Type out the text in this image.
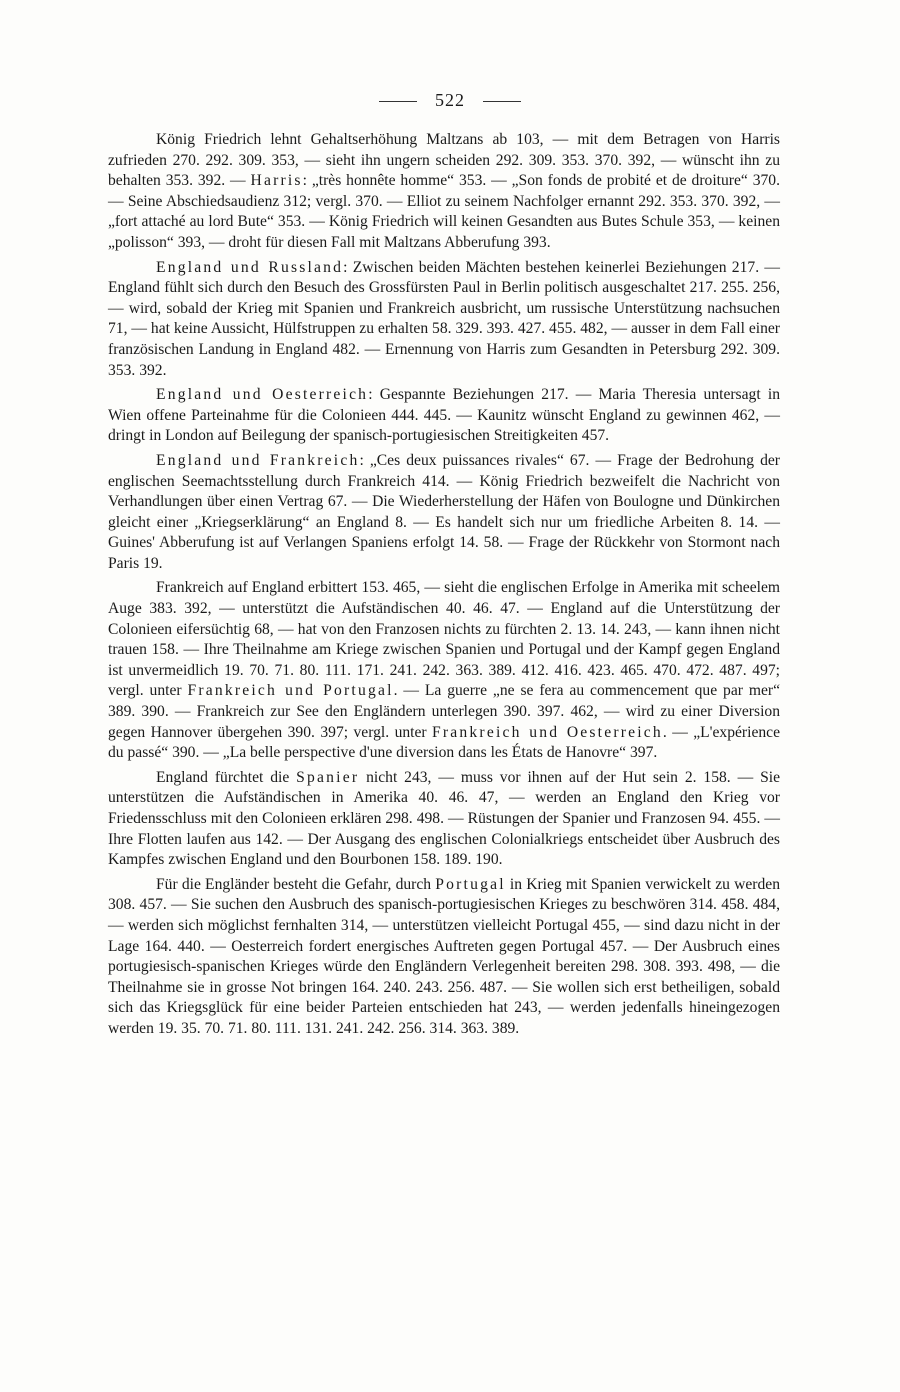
522

König Friedrich lehnt Gehaltserhöhung Maltzans ab 103, — mit dem Betragen von Harris zufrieden 270. 292. 309. 353, — sieht ihn ungern scheiden 292. 309. 353. 370. 392, — wünscht ihn zu behalten 353. 392. — Harris: „très honnête homme“ 353. — „Son fonds de probité et de droiture“ 370. — Seine Abschiedsaudienz 312; vergl. 370. — Elliot zu seinem Nachfolger ernannt 292. 353. 370. 392, — „fort attaché au lord Bute“ 353. — König Friedrich will keinen Gesandten aus Butes Schule 353, — keinen „polisson“ 393, — droht für diesen Fall mit Maltzans Abberufung 393.

England und Russland: Zwischen beiden Mächten bestehen keinerlei Beziehungen 217. — England fühlt sich durch den Besuch des Grossfürsten Paul in Berlin politisch ausgeschaltet 217. 255. 256, — wird, sobald der Krieg mit Spanien und Frankreich ausbricht, um russische Unterstützung nachsuchen 71, — hat keine Aussicht, Hülfstruppen zu erhalten 58. 329. 393. 427. 455. 482, — ausser in dem Fall einer französischen Landung in England 482. — Ernennung von Harris zum Gesandten in Petersburg 292. 309. 353. 392.

England und Oesterreich: Gespannte Beziehungen 217. — Maria Theresia untersagt in Wien offene Parteinahme für die Colonieen 444. 445. — Kaunitz wünscht England zu gewinnen 462, — dringt in London auf Beilegung der spanisch-portugiesischen Streitigkeiten 457.

England und Frankreich: „Ces deux puissances rivales“ 67. — Frage der Bedrohung der englischen Seemachtsstellung durch Frankreich 414. — König Friedrich bezweifelt die Nachricht von Verhandlungen über einen Vertrag 67. — Die Wiederherstellung der Häfen von Boulogne und Dünkirchen gleicht einer „Kriegserklärung“ an England 8. — Es handelt sich nur um friedliche Arbeiten 8. 14. — Guines' Abberufung ist auf Verlangen Spaniens erfolgt 14. 58. — Frage der Rückkehr von Stormont nach Paris 19.

Frankreich auf England erbittert 153. 465, — sieht die englischen Erfolge in Amerika mit scheelem Auge 383. 392, — unterstützt die Aufständischen 40. 46. 47. — England auf die Unterstützung der Colonieen eifersüchtig 68, — hat von den Franzosen nichts zu fürchten 2. 13. 14. 243, — kann ihnen nicht trauen 158. — Ihre Theilnahme am Kriege zwischen Spanien und Portugal und der Kampf gegen England ist unvermeidlich 19. 70. 71. 80. 111. 171. 241. 242. 363. 389. 412. 416. 423. 465. 470. 472. 487. 497; vergl. unter Frankreich und Portugal. — La guerre „ne se fera au commencement que par mer“ 389. 390. — Frankreich zur See den Engländern unterlegen 390. 397. 462, — wird zu einer Diversion gegen Hannover übergehen 390. 397; vergl. unter Frankreich und Oesterreich. — „L'expérience du passé“ 390. — „La belle perspective d'une diversion dans les États de Hanovre“ 397.

England fürchtet die Spanier nicht 243, — muss vor ihnen auf der Hut sein 2. 158. — Sie unterstützen die Aufständischen in Amerika 40. 46. 47, — werden an England den Krieg vor Friedensschluss mit den Colonieen erklären 298. 498. — Rüstungen der Spanier und Franzosen 94. 455. — Ihre Flotten laufen aus 142. — Der Ausgang des englischen Colonialkriegs entscheidet über Ausbruch des Kampfes zwischen England und den Bourbonen 158. 189. 190.

Für die Engländer besteht die Gefahr, durch Portugal in Krieg mit Spanien verwickelt zu werden 308. 457. — Sie suchen den Ausbruch des spanisch-portugiesischen Krieges zu beschwören 314. 458. 484, — werden sich möglichst fernhalten 314, — unterstützen vielleicht Portugal 455, — sind dazu nicht in der Lage 164. 440. — Oesterreich fordert energisches Auftreten gegen Portugal 457. — Der Ausbruch eines portugiesisch-spanischen Krieges würde den Engländern Verlegenheit bereiten 298. 308. 393. 498, — die Theilnahme sie in grosse Not bringen 164. 240. 243. 256. 487. — Sie wollen sich erst betheiligen, sobald sich das Kriegsglück für eine beider Parteien entschieden hat 243, — werden jedenfalls hineingezogen werden 19. 35. 70. 71. 80. 111. 131. 241. 242. 256. 314. 363. 389.
